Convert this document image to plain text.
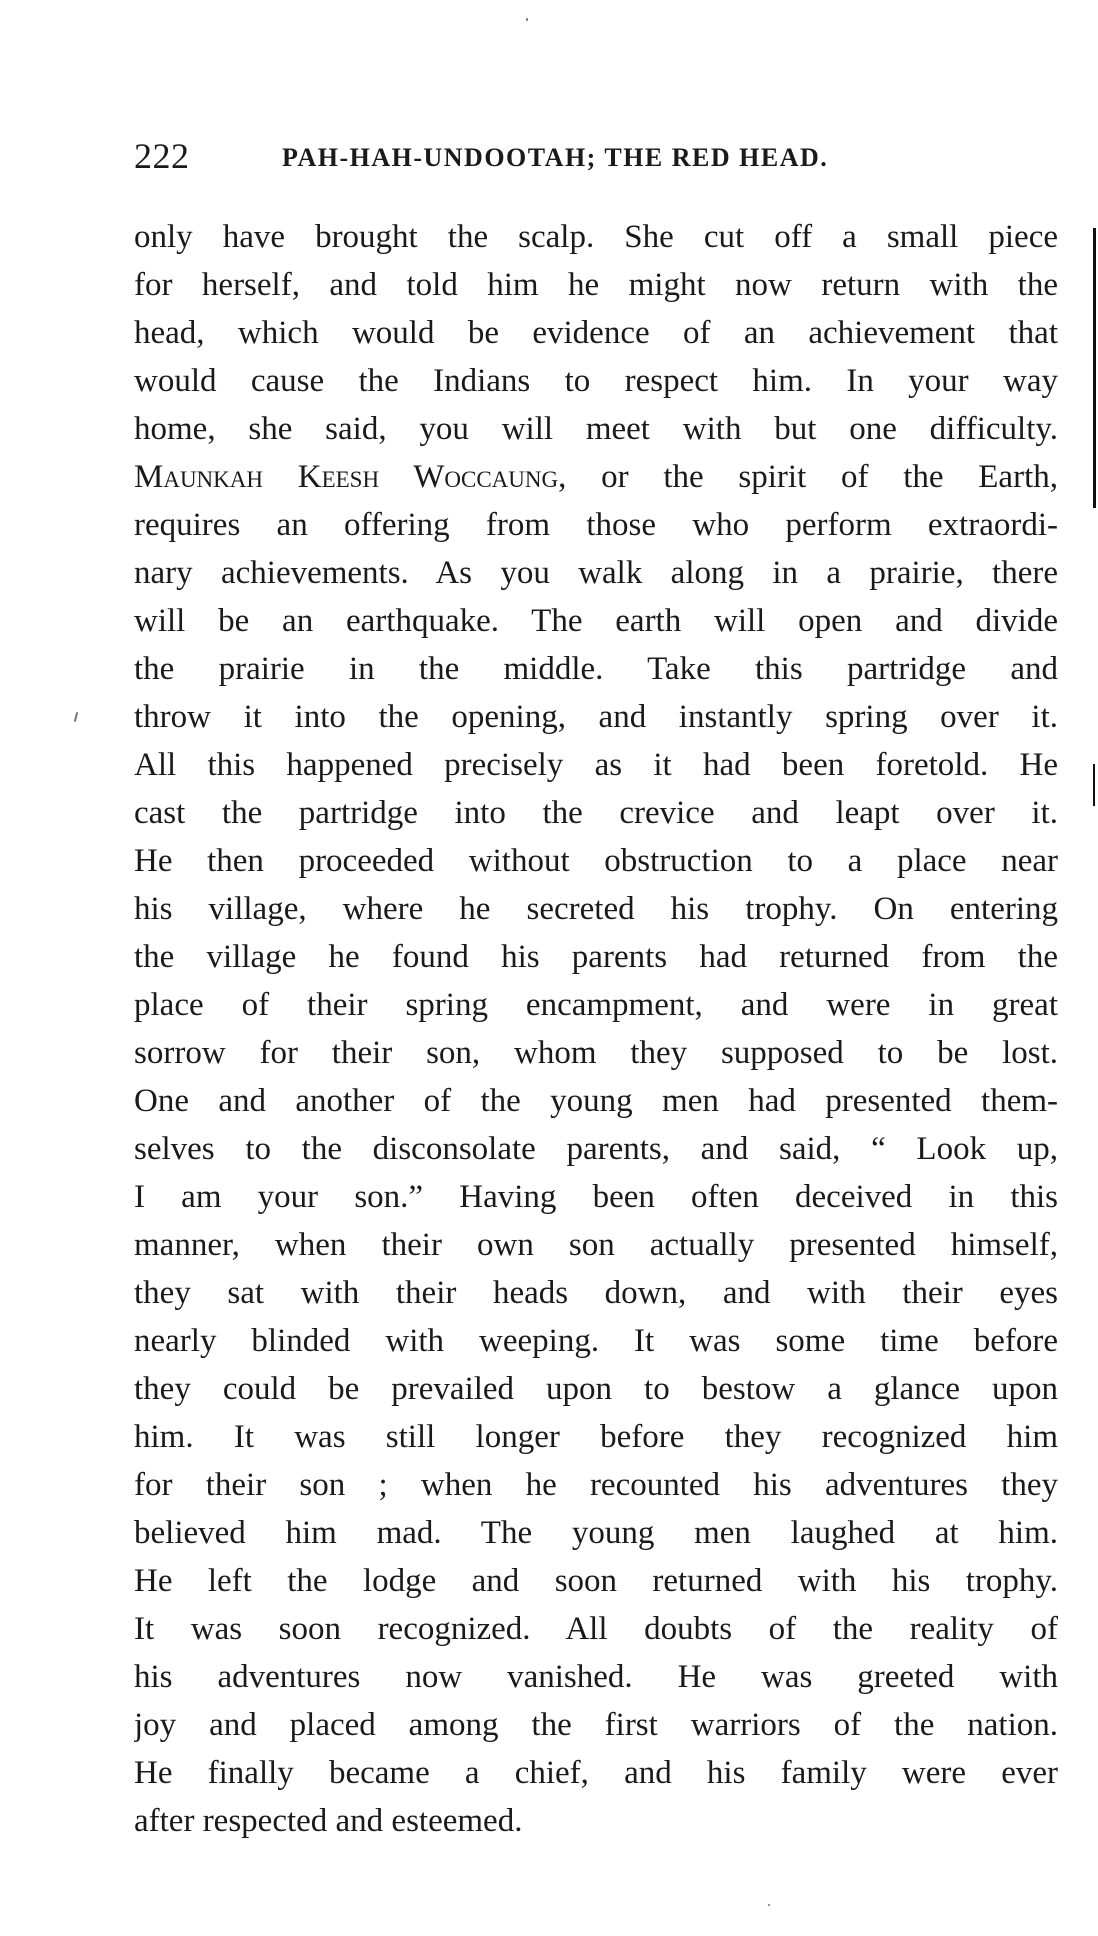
222	PAH-HAH-UNDOOTAH; THE RED HEAD.
only have brought the scalp. She cut off a small piece
for herself, and told him he might now return with the
head, which would be evidence of an achievement that
would cause the Indians to respect him. In your way
home, she said, you will meet with but one difficulty.
Maunkah Keesh Woccaung, or the spirit of the Earth,
requires an offering from those who perform extraordi-
nary achievements. As you walk along in a prairie, there
will be an earthquake. The earth will open and divide
the prairie in the middle. Take this partridge and
throw it into the opening, and instantly spring over it.
All this happened precisely as it had been foretold. He
cast the partridge into the crevice and leapt over it.
He then proceeded without obstruction to a place near
his village, where he secreted his trophy. On entering
the village he found his parents had returned from the
place of their spring encampment, and were in great
sorrow for their son, whom they supposed to be lost.
One and another of the young men had presented them-
selves to the disconsolate parents, and said, “ Look up,
I am your son.” Having been often deceived in this
manner, when their own son actually presented himself,
they sat with their heads down, and with their eyes
nearly blinded with weeping. It was some time before
they could be prevailed upon to bestow a glance upon
him. It was still longer before they recognized him
for their son ; when he recounted his adventures they
believed him mad. The young men laughed at him.
He left the lodge and soon returned with his trophy.
It was soon recognized. All doubts of the reality of
his adventures now vanished. He was greeted with
joy and placed among the first warriors of the nation.
He finally became a chief, and his family were ever
after respected and esteemed.
